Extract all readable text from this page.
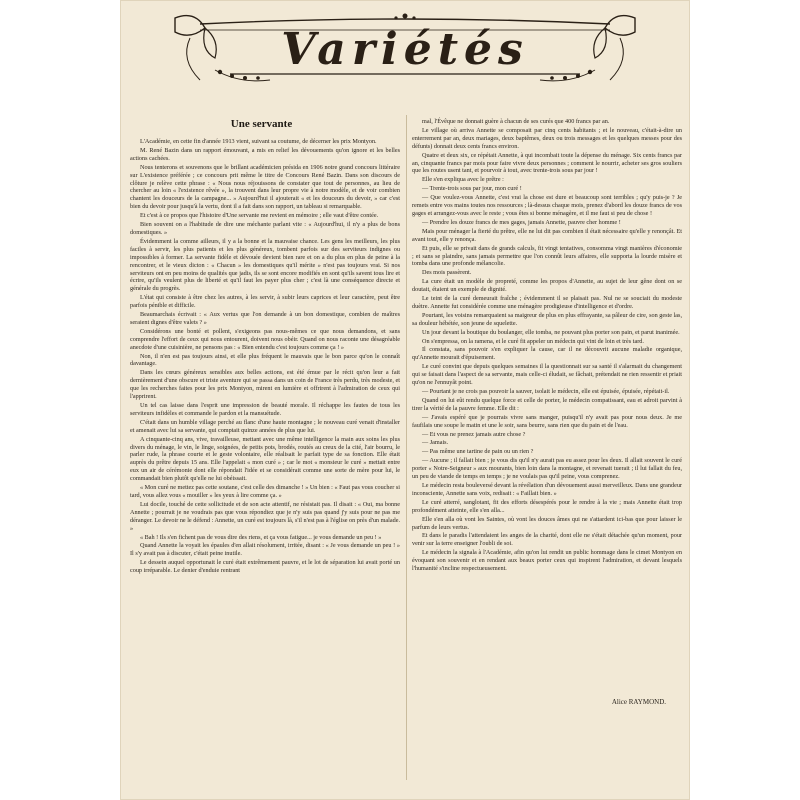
Variétés
Une servante

L'Académie, en cette fin d'année 1913 vient, suivant sa coutume, de décerner les prix Montyon.

M. René Bazin dans un rapport émouvant, a mis en relief les dévouements qu'on ignore et les belles actions cachées.

Nous tenterons et souvenons que le brillant académicien présida en 1906 notre grand concours littéraire sur L'existence préférée ; ce concours prit même le titre de Concours René Bazin. Dans son discours de clôture je relève cette phrase : « Nous nous réjouissons de constater que tout de personnes, au lieu de chercher au loin « l'existence rêvée », la trouvent dans leur propre vie à notre modèle, et de voir combien chantent les douceurs de la campagne... » Aujourd'hui il ajouterait « et les douceurs du devoir, » car c'est bien du devoir pour jusqu'à la vertu, dont il a fait dans son rapport, un tableau si remarquable.

Et c'est à ce propos que l'histoire d'Une servante me revient en mémoire ; elle vaut d'être contée.

Bien souvent on a l'habitude de dire une méchante parlant vite : « Aujourd'hui, il n'y a plus de bons domestiques. »

Évidemment la comme ailleurs, il y a la bonne et la mauvaise chance. Les gens les meilleurs, les plus faciles à servir, les plus patients et les plus généreux, tombent parfois sur des serviteurs indignes ou impossibles à former. La servante fidèle et dévouée devient bien rare et on a du plus en plus de peine à la rencontrer, et le vieux dicton : « Chacun » les domestiques qu'il mérite » n'est pas toujours vrai. Si nos serviteurs ont en peu moins de qualités que jadis, ils se sont encore modifiés en sont qu'ils savent tous lire et écrire, qu'ils veulent plus de liberté et qu'il faut les payer plus cher ; c'est là une conséquence directe et générale du progrès.

L'état qui consiste à être chez les autres, à les servir, à subir leurs caprices et leur caractère, peut être parfois pénible et difficile.

Beaumarchais écrivait : « Aux vertus que l'on demande à un bon domestique, combien de maîtres seraient dignes d'être valets ? »

Considérons une bonté et pollent, s'exigeons pas nous-mêmes ce que nous demandons, et sans comprendre l'effort de ceux qui nous entourent, doivent nous obéir. Quand on nous raconte une désagréable anecdote d'une cuisinière, ne pensons pas : « Bien entendu c'est toujours comme ça ! »

Non, il n'en est pas toujours ainsi, et elle plus fréquent le mauvais que le bon parce qu'on le connaît davantage.

Dans les cœurs généreux sensibles aux belles actions, est été émue par le récit qu'on leur a fait dernièrement d'une obscure et triste aventure qui se passa dans un coin de France très perdu, très modeste, et que les recherches faites pour les prix Montyon, mirent en lumière et offrirent à l'admiration de ceux qui l'apprirent.

Un tel cas laisse dans l'esprit une impression de beauté morale. Il réchappe les fautes de tous les serviteurs infidèles et commande le pardon et la mansuétude.

C'était dans un humble village perché au flanc d'une haute montagne ; le nouveau curé venait d'installer et amenait avec lui sa servante, qui comptait quinze années de plus que lui.

A cinquante-cinq ans, vive, travailleuse, mettant avec une même intelligence la main aux soins les plus divers du ménage, le vin, le linge, soignées, de petits pots, brodés, routés au creux de la cité, l'air bourru, le parler rude, la phrase courte et le geste volontaire, elle réalisait le parfait type de sa fonction. Elle était auprès du prêtre depuis 15 ans. Elle l'appelait « mon curé » ; car le mot « monsieur le curé » mettait entre eux un air de cérémonie dont elle répondait l'idée et se considérait comme une sorte de mère pour lui, le commandait bien plutôt qu'elle ne lui obéissait.

« Mon curé ne mettez pas cette soutane, c'est celle des dimanche ! » Un bien : « Faut pas vous coucher si tard, vous allez vous « mouiller » les yeux à lire comme ça. »

Lui docile, touché de cette sollicitude et de son acte attentif, ne résistait pas. Il disait : « Oui, ma bonne Annette ; pourrait je ne voudrais pas que vous répondiez que je n'y suis pas quand j'y suis pour ne pas me déranger. Le devoir ne le défend : Annette, un curé est toujours là, s'il n'est pas à l'église on près d'un malade. »

« Bah ! Ils s'en fichent pas de vous dire des riens, et ça vous fatigue... je vous demande un peu ! »

Quand Annette la voyait les épaules d'en allait résolument, irritée, disant : « Je vous demande un peu ! » Il s'y avait pas à discuter, c'était peine inutile.

Le dessein auquel opportunait le curé était extrêmement pauvre, et le lot de séparation lui avait porté un coup irréparable. Le denier d'enduie rentrant

mal, l'Évêque ne donnait guère à chacun de ses curés que 400 francs par an.

Le village où arriva Annette se composait par cinq cents habitants ; et le nouveau, c'était-à-dire un enterrement par an, deux mariages, deux baptêmes, deux ou trois messages et les quelques messes pour des défunts) donnait deux cents francs environ.

Quatre et deux six, ce répétait Annette, à qui incombait toute la dépense du ménage. Six cents francs par an, cinquante francs par mois pour faire vivre deux personnes ; comment le nourrir, acheter ses gros souliers que les routes usent tant, et pourvoir à tout, avec trente-trois sous par jour !

Elle s'en expliqua avec le prêtre :

— Trente-trois sous par jour, mon curé !

— Que voulez-vous Annette, c'est vrai la chose est dure et beaucoup sont terribles ; qu'y puis-je ? Je remets entre vos mains toutes nos ressources ; là-dessus chaque mois, prenez d'abord les douze francs de vos gages et arrangez-vous avec le reste ; vous êtes si bonne ménagère, et il me faut si peu de chose !

— Prendre les douze francs de mes gages, jamais Annette, pauvre cher homme !

Mais pour ménager la fierté du prêtre, elle ne lui dit pas combien il était nécessaire qu'elle y renonçât. Et avant tout, elle y renonça.

Et puis, elle se privait dans de grands calculs, fit vingt tentatives, consomma vingt manières d'économie ; et sans se plaindre, sans jamais permettre que l'on connût leurs affaires, elle supporta la lourde misère et tomba dans une profonde mélancolie.

Des mois passèrent.

La cure était un modèle de propreté, comme les propos d'Annette, au sujet de leur gêne dont on se doutait, étaient un exemple de dignité.

Le teint de la curé demeurait fraîche ; évidemment il se plaisait pas. Nul ne se souciait du modeste duètre. Annette fut considérée comme une ménagère prodigieuse d'intelligence et d'ordre.

Pourtant, les voisins remarquaient sa maigreur de plus en plus effrayante, sa pâleur de cire, son geste las, sa douleur hébétée, son jeune de squelette.

Un jour devant la boutique du boulanger, elle tomba, ne pouvant plus porter son pain, et parut inanimée.

On s'empressa, on la ramena, et le curé fit appeler un médecin qui vint de loin et très tard.

Il constata, sans pouvoir s'en expliquer la cause, car il ne découvrit aucune maladie organique, qu'Annette mourait d'épuisement.

Le curé convint que depuis quelques semaines il la questionnait sur sa santé il s'alarmait du changement qui se faisait dans l'aspect de sa servante, mais celle-ci éludait, se fâchait, prétendait ne rien ressentir et priait qu'on ne l'ennuyât point.

— Pourtant je ne crois pas pouvoir la sauver, isolait le médecin, elle est épuisée, épuisée, répétait-il.

Quand on lui eût rendu quelque force et celle de porter, le médecin compatissant, eau et adroit parvint à tirer la vérité de la pauvre femme. Elle dit :

— J'avais espéré que je pourrais vivre sans manger, puisqu'il n'y avait pas pour nous deux. Je me faufilais une soupe le matin et une le soir, sans beurre, sans rien que du pain et de l'eau.

— Et vous ne prenez jamais autre chose ?

— Jamais.

— Pas même une tartine de pain ou un rien ?

— Aucune ; il fallait bien ; je vous dis qu'il n'y aurait pas eu assez pour les deux. Il allait souvent le curé porter « Notre-Seigneur » aux mourants, bien loin dans la montagne, et revenait tuerait ; il lui fallait du feu, un peu de viande de temps en temps ; je ne voulais pas qu'il peine, vous comprenez.

Le médecin resta bouleversé devant la révélation d'un dévouement aussi merveilleux. Dans une grandeur inconsciente, Annette sans voix, redisait : « Faillait bien. »

Le curé atterré, sanglotant, fit des efforts désespérés pour le rendre à la vie ; mais Annette était trop profondément atteinte, elle s'en alla...

Elle s'en alla où vont les Saintes, où vont les douces âmes qui ne s'attardent ici-bas que pour laisser le parfum de leurs vertus.

Et dans le paradis l'attendaient les anges de la charité, dont elle ne s'était détachée qu'un moment, pour venir sur la terre enseigner l'oubli de soi.

Le médecin la signala à l'Académie, afin qu'on lui rendit un public hommage dans le cimet Montyon en évoquant son souvenir et en rendant aux beaux porter ceux qui inspirent l'admiration, et devant lesquels l'humanité s'incline respectueusement.

Alice RAYMOND.
